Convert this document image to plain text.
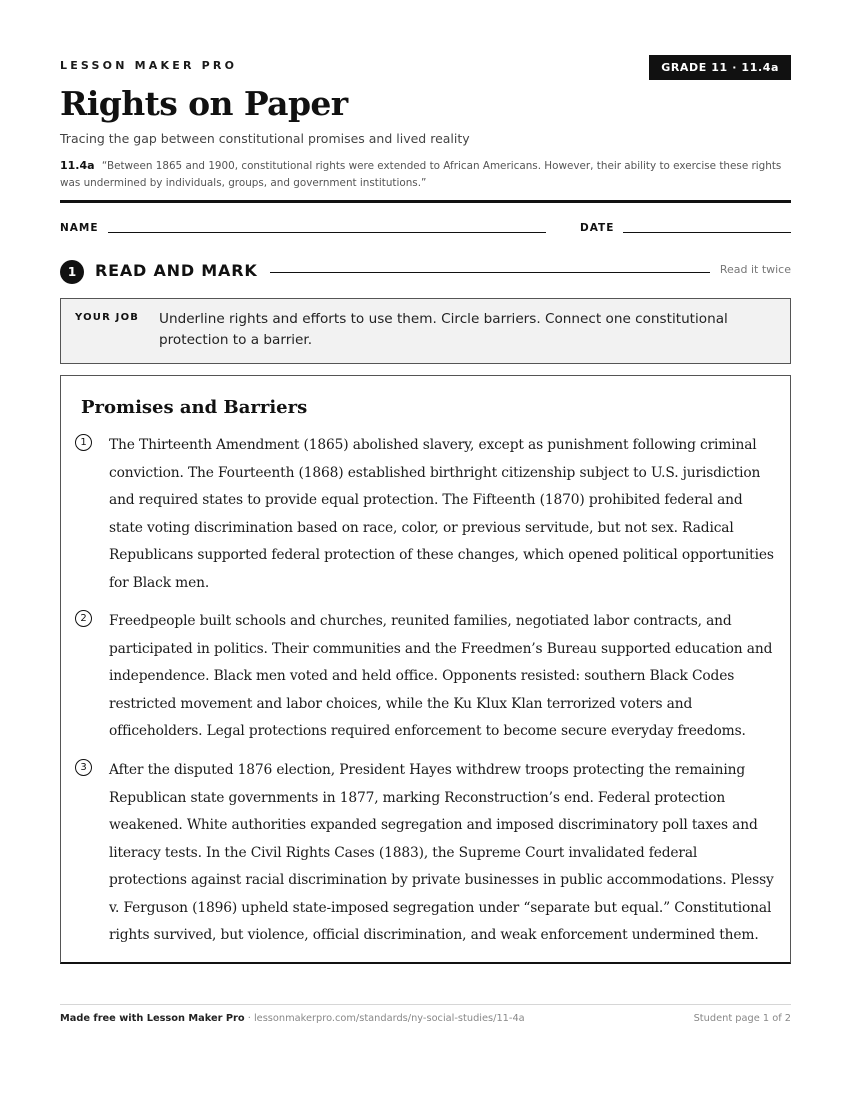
LESSON MAKER PRO	GRADE 11 · 11.4a
Rights on Paper
Tracing the gap between constitutional promises and lived reality
11.4a “Between 1865 and 1900, constitutional rights were extended to African Americans. However, their ability to exercise these rights was undermined by individuals, groups, and government institutions.”
NAME	DATE
1	READ AND MARK	Read it twice
YOUR JOB Underline rights and efforts to use them. Circle barriers. Connect one constitutional protection to a barrier.
Promises and Barriers
1	The Thirteenth Amendment (1865) abolished slavery, except as punishment following criminal conviction. The Fourteenth (1868) established birthright citizenship subject to U.S. jurisdiction and required states to provide equal protection. The Fifteenth (1870) prohibited federal and state voting discrimination based on race, color, or previous servitude, but not sex. Radical Republicans supported federal protection of these changes, which opened political opportunities for Black men.

2	Freedpeople built schools and churches, reunited families, negotiated labor contracts, and participated in politics. Their communities and the Freedmen’s Bureau supported education and independence. Black men voted and held office. Opponents resisted: southern Black Codes restricted movement and labor choices, while the Ku Klux Klan terrorized voters and officeholders. Legal protections required enforcement to become secure everyday freedoms.

3	After the disputed 1876 election, President Hayes withdrew troops protecting the remaining Republican state governments in 1877, marking Reconstruction’s end. Federal protection weakened. White authorities expanded segregation and imposed discriminatory poll taxes and literacy tests. In the Civil Rights Cases (1883), the Supreme Court invalidated federal protections against racial discrimination by private businesses in public accommodations. Plessy v. Ferguson (1896) upheld state-imposed segregation under “separate but equal.” Constitutional rights survived, but violence, official discrimination, and weak enforcement undermined them.

Made free with Lesson Maker Pro · lessonmakerpro.com/standards/ny-social-studies/11-4a	Student page 1 of 2
